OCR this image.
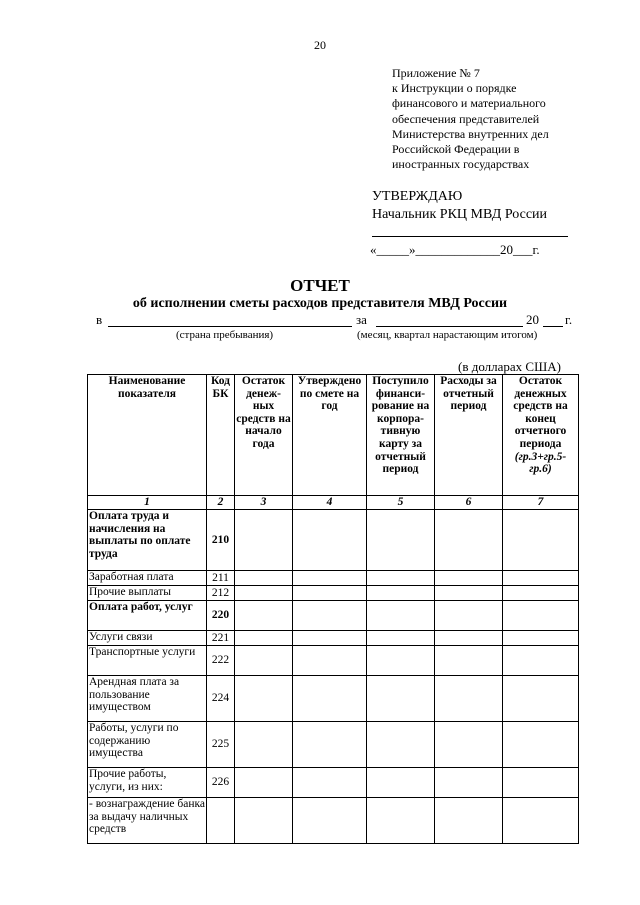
20
Приложение № 7
к Инструкции о порядке
финансового и материального
обеспечения представителей
Министерства внутренних дел
Российской Федерации в
иностранных государствах
УТВЕРЖДАЮ
Начальник РКЦ МВД России
«_____»_____________20___г.
ОТЧЕТ
об исполнении сметы расходов представителя МВД России
в	за	20 г.
(страна пребывания)	(месяц, квартал нарастающим итогом)
(в долларах США)
Наименование показателя	Код БК	Остаток денеж-ных средств на начало года	Утверждено по смете на год	Поступило финанси-рование на корпора-тивную карту за отчетный период	Расходы за отчетный период	Остаток денежных средств на конец отчетного периода (гр.3+гр.5-гр.6)
1	2	3	4	5	6	7
Оплата труда и начисления на выплаты по оплате труда	210					
Заработная плата	211					
Прочие выплаты	212					
Оплата работ, услуг	220					
Услуги связи	221					
Транспортные услуги	222					
Арендная плата за пользование имуществом	224					
Работы, услуги по содержанию имущества	225					
Прочие работы, услуги, из них:	226					
- вознаграждение банка за выдачу наличных средств						
